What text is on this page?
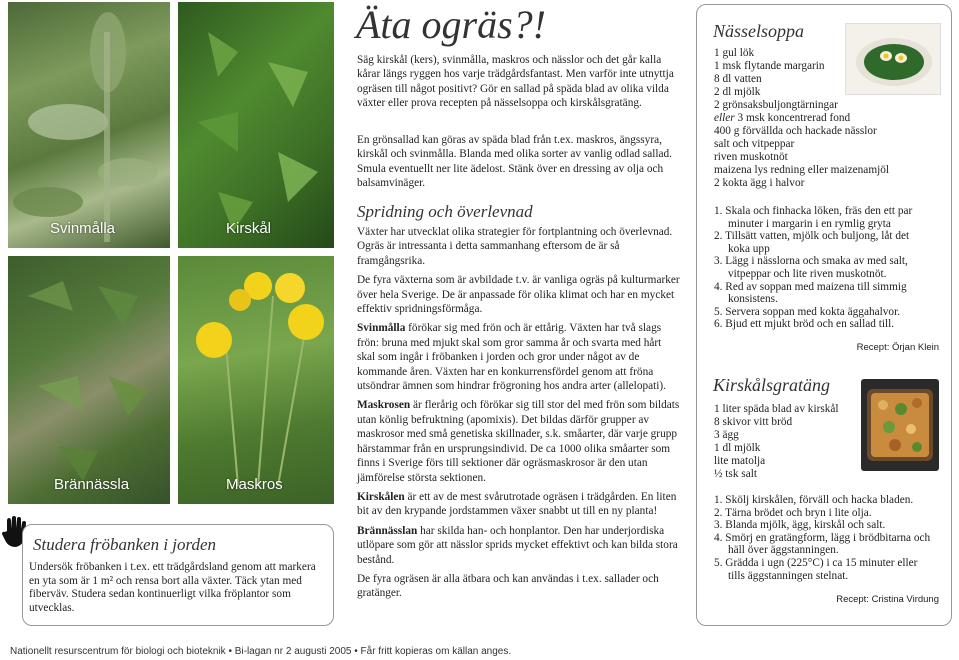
Svinmålla	Kirskål
Brännässla	Maskros
Studera fröbanken i jorden
Undersök fröbanken i t.ex. ett trädgårdsland genom att markera en yta som är 1 m² och rensa bort alla växter. Täck ytan med fiberväv. Studera sedan kontinuerligt vilka fröplantor som utvecklas.
Äta ogräs?!
Säg kirskål (kers), svinmålla, maskros och nässlor och det går kalla kårar längs ryggen hos varje trädgårdsfantast. Men varför inte utnyttja ogräsen till något positivt? Gör en sallad på späda blad av olika vilda växter eller prova recepten på nässelsoppa och kirskålsgratäng.
En grönsallad kan göras av späda blad från t.ex. maskros, ängssyra, kirskål och svinmålla. Blanda med olika sorter av vanlig odlad sallad. Smula eventuellt ner lite ädelost. Stänk över en dressing av olja och balsamvinäger.
Spridning och överlevnad

Växter har utvecklat olika strategier för fortplantning och överlevnad. Ogräs är intressanta i detta sammanhang eftersom de är så framgångsrika.

De fyra växterna som är avbildade t.v. är vanliga ogräs på kulturmarker över hela Sverige. De är anpassade för olika klimat och har en mycket effektiv spridningsförmåga.

Svinmålla förökar sig med frön och är ettårig. Växten har två slags frön: bruna med mjukt skal som gror samma år och svarta med hårt skal som ingår i fröbanken i jorden och gror under något av de kommande åren. Växten har en konkurrensfördel genom att fröna utsöndrar ämnen som hindrar frögroning hos andra arter (allelopati).

Maskrosen är flerårig och förökar sig till stor del med frön som bildats utan könlig befruktning (apomixis). Det bildas därför grupper av maskrosor med små genetiska skillnader, s.k. småarter, där varje grupp härstammar från en ursprungsindivid. De ca 1000 olika småarter som finns i Sverige förs till sektioner där ogräsmaskrosor är den utan jämförelse största sektionen.

Kirskålen är ett av de mest svårutrotade ogräsen i trädgården. En liten bit av den krypande jordstammen växer snabbt ut till en ny planta!

Brännässlan har skilda han- och honplantor. Den har underjordiska utlöpare som gör att nässlor sprids mycket effektivt och kan bilda stora bestånd.

De fyra ogräsen är alla ätbara och kan användas i t.ex. sallader och gratänger.

Nässelsoppa
1 gul lök
1 msk flytande margarin
8 dl vatten
2 dl mjölk
2 grönsaksbuljongtärningar
eller 3 msk koncentrerad fond
400 g förvällda och hackade nässlor
salt och vitpeppar
riven muskotnöt
maizena lys redning eller maizenamjöl
2 kokta ägg i halvor
1. Skala och finhacka löken, fräs den ett par minuter i margarin i en rymlig gryta
2. Tillsätt vatten, mjölk och buljong, låt det koka upp
3. Lägg i nässlorna och smaka av med salt, vitpeppar och lite riven muskotnöt.
4. Red av soppan med maizena till simmig konsistens.
5. Servera soppan med kokta äggahalvor.
6. Bjud ett mjukt bröd och en sallad till.
Recept: Örjan Klein
Kirskålsgratäng
1 liter späda blad av kirskål
8 skivor vitt bröd
3 ägg
1 dl mjölk
lite matolja
½ tsk salt
1. Skölj kirskålen, förväll och hacka bladen.
2. Tärna brödet och bryn i lite olja.
3. Blanda mjölk, ägg, kirskål och salt.
4. Smörj en gratängform, lägg i brödbitarna och häll över äggstanningen.
5. Grädda i ugn (225°C) i ca 15 minuter eller tills äggstanningen stelnat.
Recept: Cristina Virdung
Nationellt resurscentrum för biologi och bioteknik • Bi-lagan nr 2 augusti 2005 • Får fritt kopieras om källan anges.
